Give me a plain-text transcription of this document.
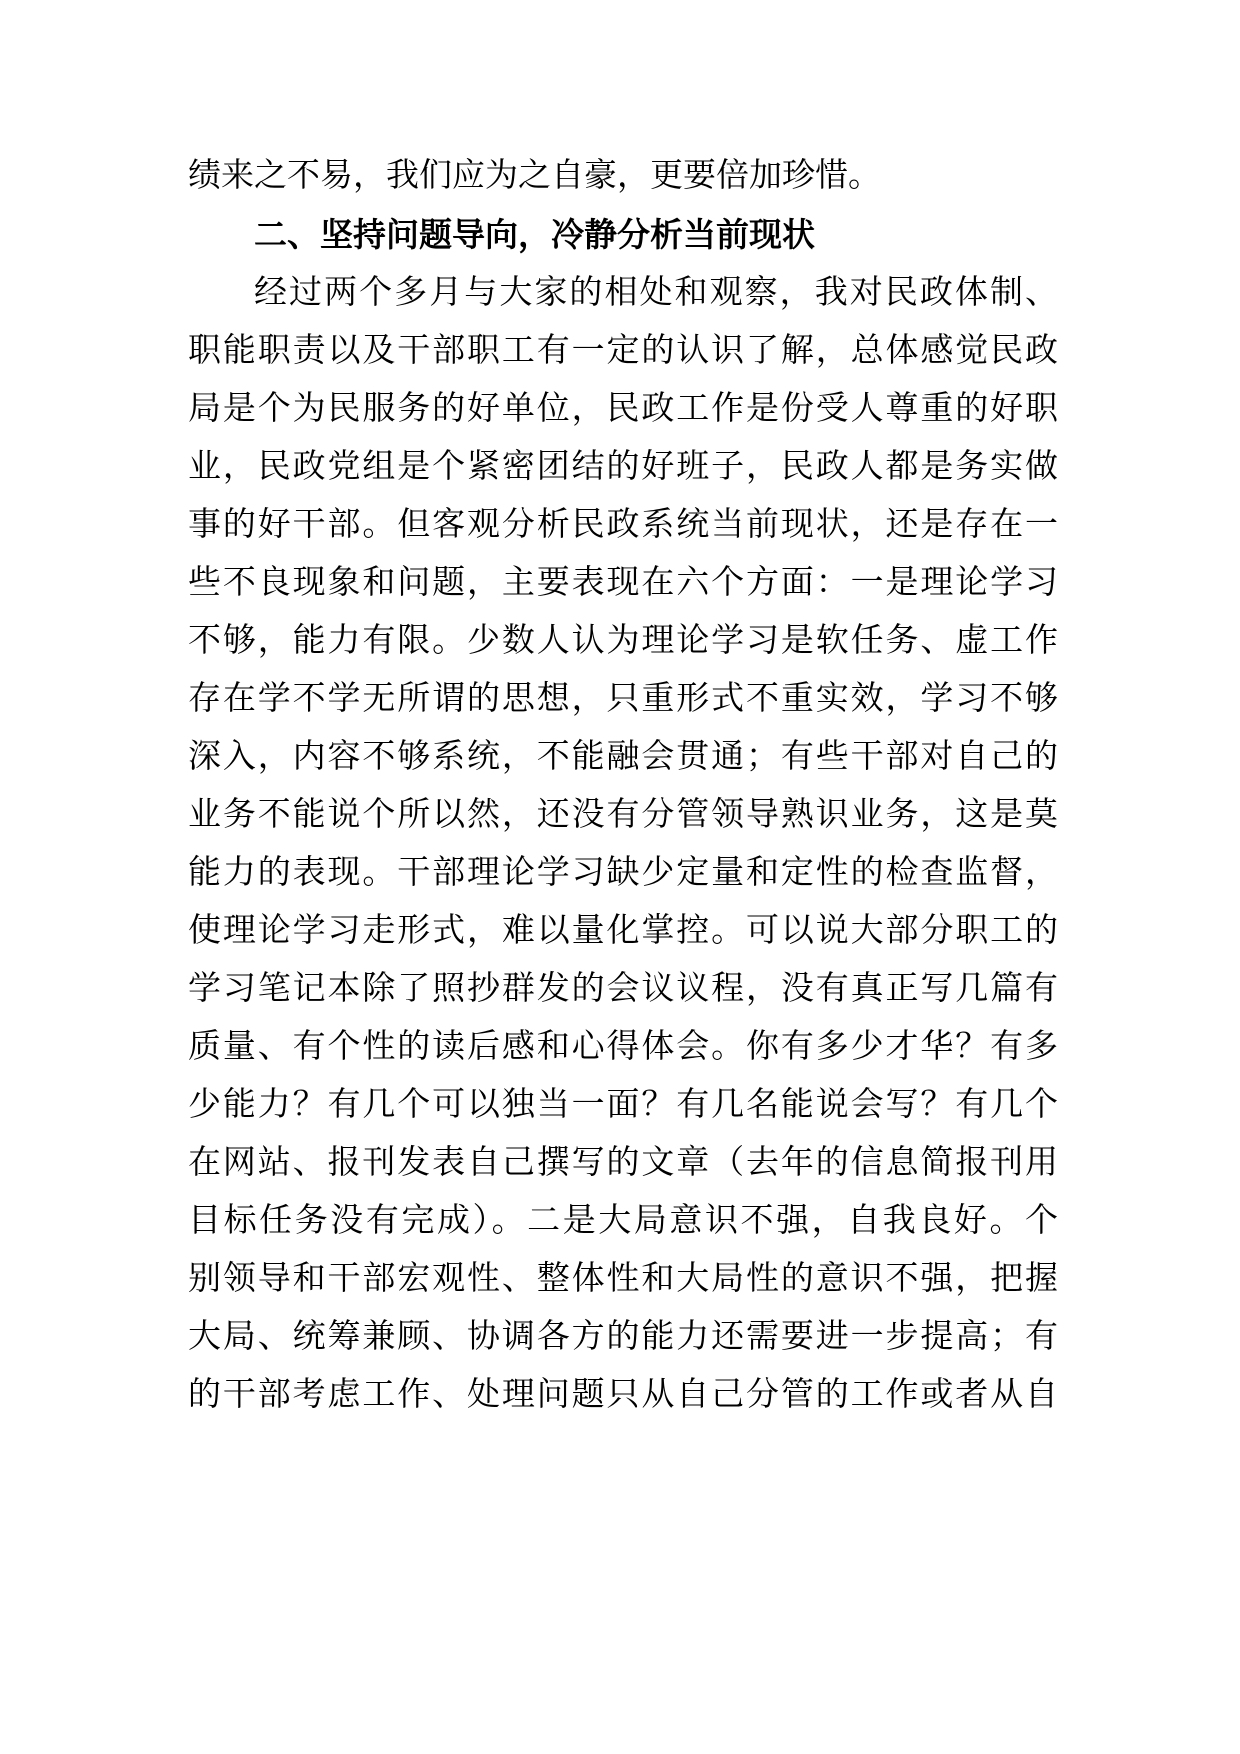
绩来之不易，我们应为之自豪，更要倍加珍惜。
二、坚持问题导向，冷静分析当前现状
经过两个多月与大家的相处和观察，我对民政体制、
职能职责以及干部职工有一定的认识了解，总体感觉民政
局是个为民服务的好单位，民政工作是份受人尊重的好职
业，民政党组是个紧密团结的好班子，民政人都是务实做
事的好干部。但客观分析民政系统当前现状，还是存在一
些不良现象和问题，主要表现在六个方面：一是理论学习
不够，能力有限。少数人认为理论学习是软任务、虚工作
存在学不学无所谓的思想，只重形式不重实效，学习不够
深入，内容不够系统，不能融会贯通；有些干部对自己的
业务不能说个所以然，还没有分管领导熟识业务，这是莫
能力的表现。干部理论学习缺少定量和定性的检查监督，
使理论学习走形式，难以量化掌控。可以说大部分职工的
学习笔记本除了照抄群发的会议议程，没有真正写几篇有
质量、有个性的读后感和心得体会。你有多少才华？有多
少能力？有几个可以独当一面？有几名能说会写？有几个
在网站、报刊发表自己撰写的文章（去年的信息简报刊用
目标任务没有完成）。二是大局意识不强，自我良好。个
别领导和干部宏观性、整体性和大局性的意识不强，把握
大局、统筹兼顾、协调各方的能力还需要进一步提高；有
的干部考虑工作、处理问题只从自己分管的工作或者从自
